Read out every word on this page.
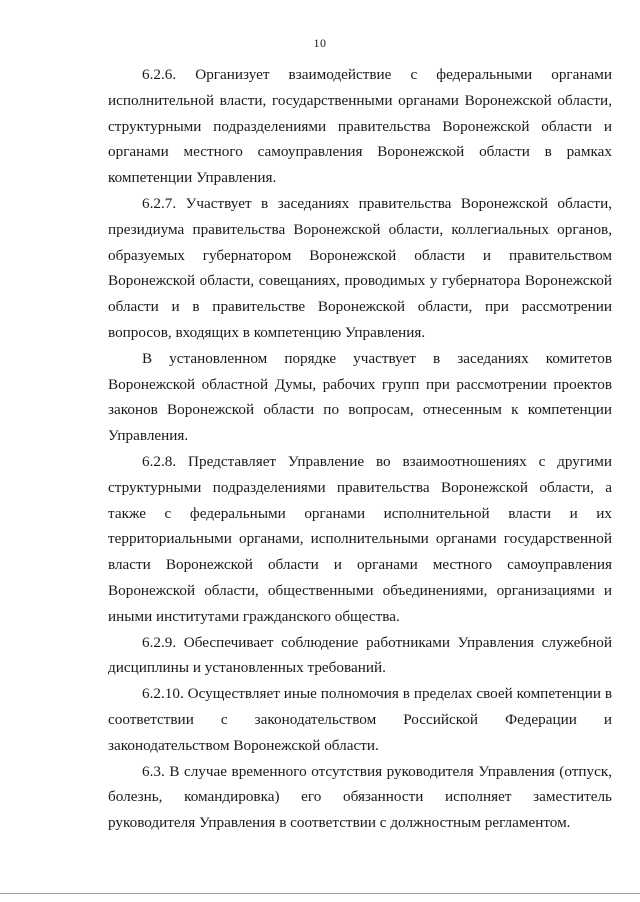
10

6.2.6. Организует взаимодействие с федеральными органами исполнительной власти, государственными органами Воронежской области, структурными подразделениями правительства Воронежской области и органами местного самоуправления Воронежской области в рамках компетенции Управления.

6.2.7. Участвует в заседаниях правительства Воронежской области, президиума правительства Воронежской области, коллегиальных органов, образуемых губернатором Воронежской области и правительством Воронежской области, совещаниях, проводимых у губернатора Воронежской области и в правительстве Воронежской области, при рассмотрении вопросов, входящих в компетенцию Управления.

В установленном порядке участвует в заседаниях комитетов Воронежской областной Думы, рабочих групп при рассмотрении проектов законов Воронежской области по вопросам, отнесенным к компетенции Управления.

6.2.8. Представляет Управление во взаимоотношениях с другими структурными подразделениями правительства Воронежской области, а также с федеральными органами исполнительной власти и их территориальными органами, исполнительными органами государственной власти Воронежской области и органами местного самоуправления Воронежской области, общественными объединениями, организациями и иными институтами гражданского общества.

6.2.9. Обеспечивает соблюдение работниками Управления служебной дисциплины и установленных требований.

6.2.10. Осуществляет иные полномочия в пределах своей компетенции в соответствии с законодательством Российской Федерации и законодательством Воронежской области.

6.3. В случае временного отсутствия руководителя Управления (отпуск, болезнь, командировка) его обязанности исполняет заместитель руководителя Управления в соответствии с должностным регламентом.
